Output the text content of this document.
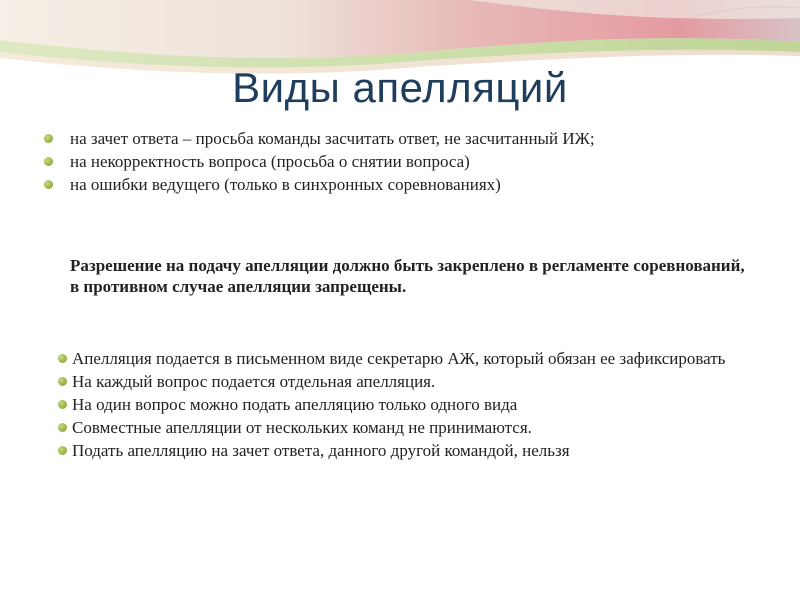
Виды апелляций
на зачет ответа – просьба команды засчитать ответ, не засчитанный ИЖ;
на некорректность вопроса (просьба о снятии вопроса)
на ошибки ведущего (только в синхронных соревнованиях)
Разрешение на подачу апелляции должно быть закреплено в регламенте соревнований, в противном случае апелляции запрещены.
Апелляция подается в письменном виде секретарю АЖ, который обязан ее зафиксировать
На каждый вопрос подается отдельная апелляция.
На один вопрос можно подать апелляцию только одного вида
Совместные апелляции от нескольких команд не принимаются.
Подать апелляцию на зачет ответа, данного другой командой, нельзя
